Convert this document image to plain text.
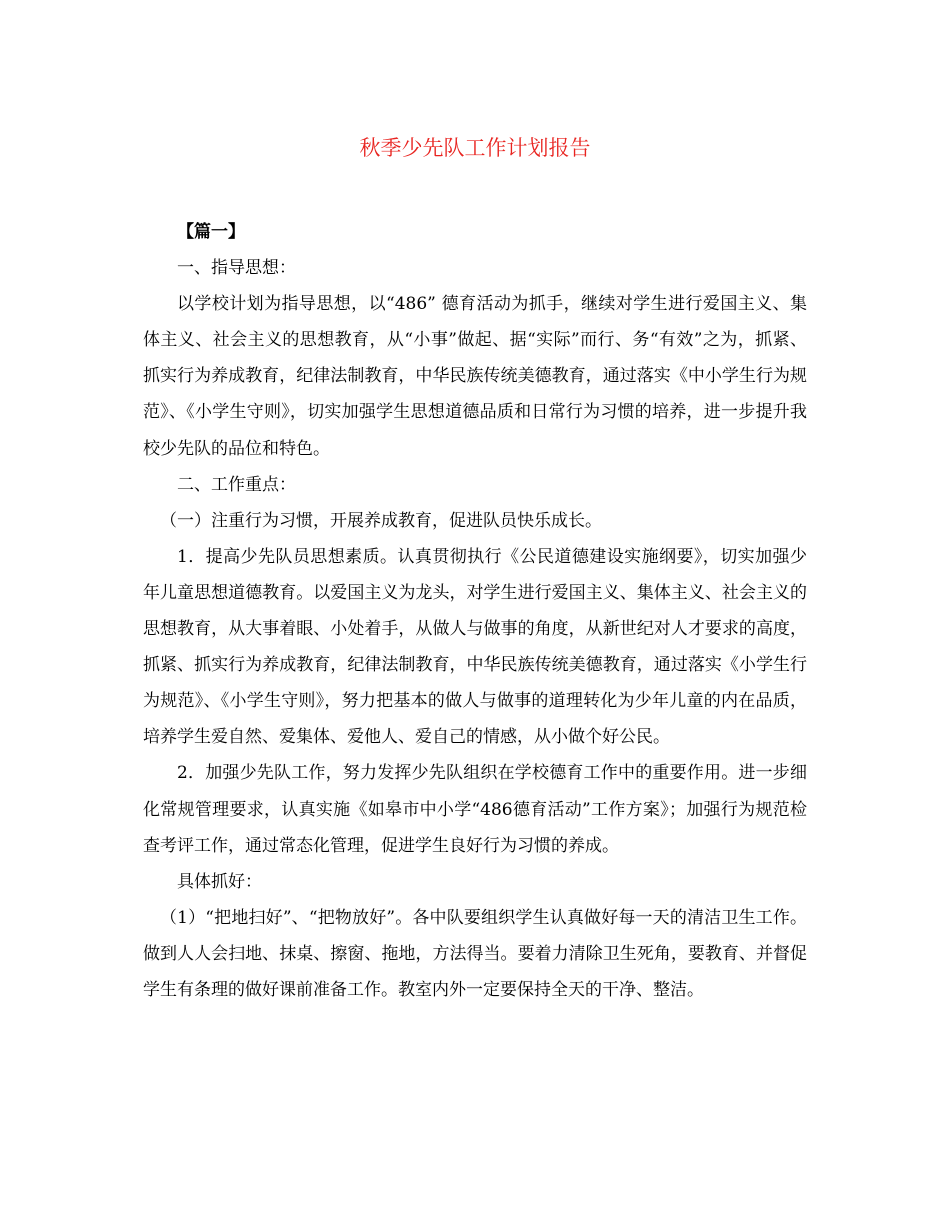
秋季少先队工作计划报告

【篇一】

一、指导思想：

以学校计划为指导思想，以“486” 德育活动为抓手，继续对学生进行爱国主义、集体主义、社会主义的思想教育，从“小事”做起、据“实际”而行、务“有效”之为，抓紧、抓实行为养成教育，纪律法制教育，中华民族传统美德教育，通过落实《中小学生行为规范》、《小学生守则》，切实加强学生思想道德品质和日常行为习惯的培养，进一步提升我校少先队的品位和特色。

二、工作重点：

（一）注重行为习惯，开展养成教育，促进队员快乐成长。

1．提高少先队员思想素质。认真贯彻执行《公民道德建设实施纲要》，切实加强少年儿童思想道德教育。以爱国主义为龙头，对学生进行爱国主义、集体主义、社会主义的思想教育，从大事着眼、小处着手，从做人与做事的角度，从新世纪对人才要求的高度，抓紧、抓实行为养成教育，纪律法制教育，中华民族传统美德教育，通过落实《小学生行为规范》、《小学生守则》，努力把基本的做人与做事的道理转化为少年儿童的内在品质，培养学生爱自然、爱集体、爱他人、爱自己的情感，从小做个好公民。

2．加强少先队工作，努力发挥少先队组织在学校德育工作中的重要作用。进一步细化常规管理要求，认真实施《如皋市中小学“486德育活动”工作方案》；加强行为规范检查考评工作，通过常态化管理，促进学生良好行为习惯的养成。

具体抓好：

（1）“把地扫好”、“把物放好”。各中队要组织学生认真做好每一天的清洁卫生工作。做到人人会扫地、抹桌、擦窗、拖地，方法得当。要着力清除卫生死角，要教育、并督促学生有条理的做好课前准备工作。教室内外一定要保持全天的干净、整洁。
